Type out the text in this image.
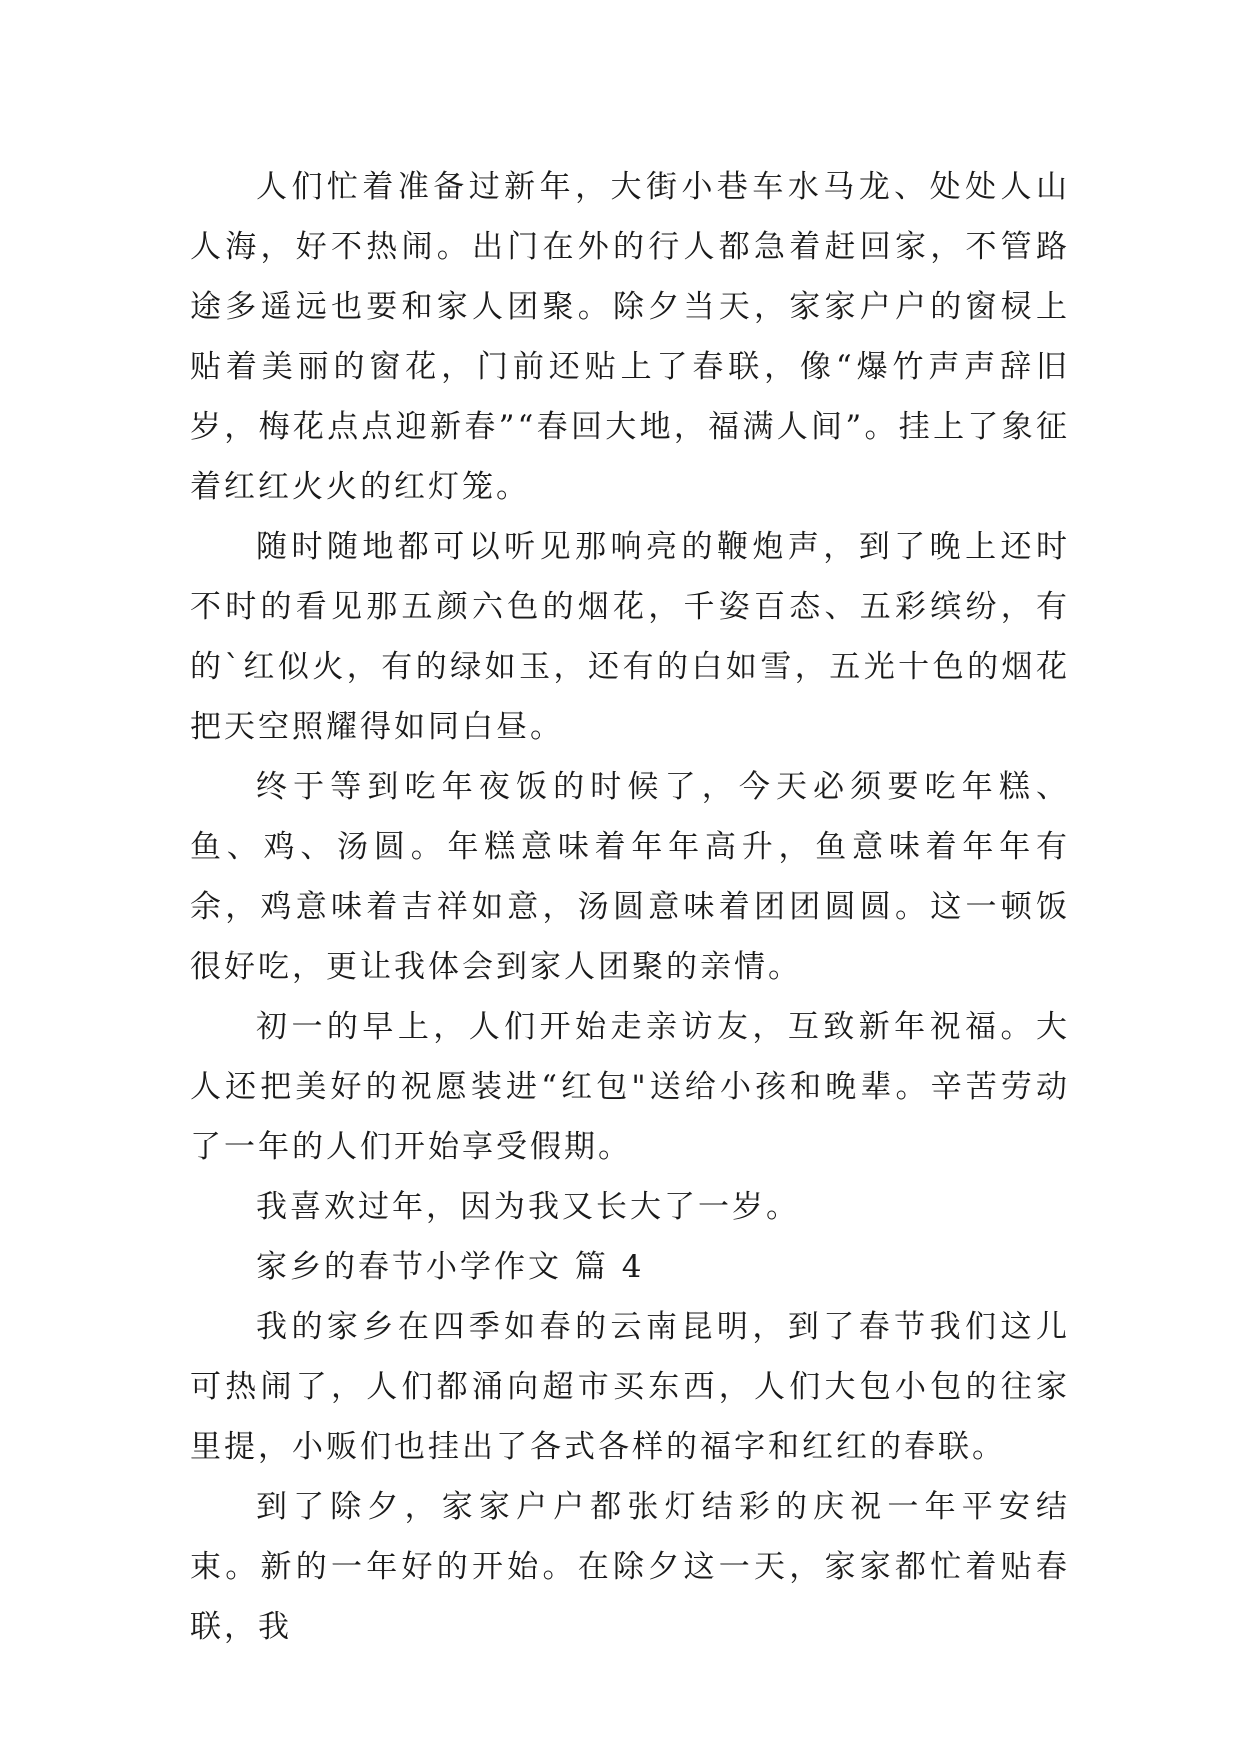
人们忙着准备过新年，大街小巷车水马龙、处处人山人海，好不热闹。出门在外的行人都急着赶回家，不管路途多遥远也要和家人团聚。除夕当天，家家户户的窗棂上贴着美丽的窗花，门前还贴上了春联，像“爆竹声声辞旧岁，梅花点点迎新春”“春回大地，福满人间”。挂上了象征着红红火火的红灯笼。

随时随地都可以听见那响亮的鞭炮声，到了晚上还时不时的看见那五颜六色的烟花，千姿百态、五彩缤纷，有的`红似火，有的绿如玉，还有的白如雪，五光十色的烟花把天空照耀得如同白昼。

终于等到吃年夜饭的时候了，今天必须要吃年糕、鱼、鸡、汤圆。年糕意味着年年高升，鱼意味着年年有余，鸡意味着吉祥如意，汤圆意味着团团圆圆。这一顿饭很好吃，更让我体会到家人团聚的亲情。

初一的早上，人们开始走亲访友，互致新年祝福。大人还把美好的祝愿装进“红包"送给小孩和晚辈。辛苦劳动了一年的人们开始享受假期。

我喜欢过年，因为我又长大了一岁。

家乡的春节小学作文 篇 4

我的家乡在四季如春的云南昆明，到了春节我们这儿可热闹了，人们都涌向超市买东西，人们大包小包的往家里提，小贩们也挂出了各式各样的福字和红红的春联。

到了除夕，家家户户都张灯结彩的庆祝一年平安结束。新的一年好的开始。在除夕这一天，家家都忙着贴春联，我
